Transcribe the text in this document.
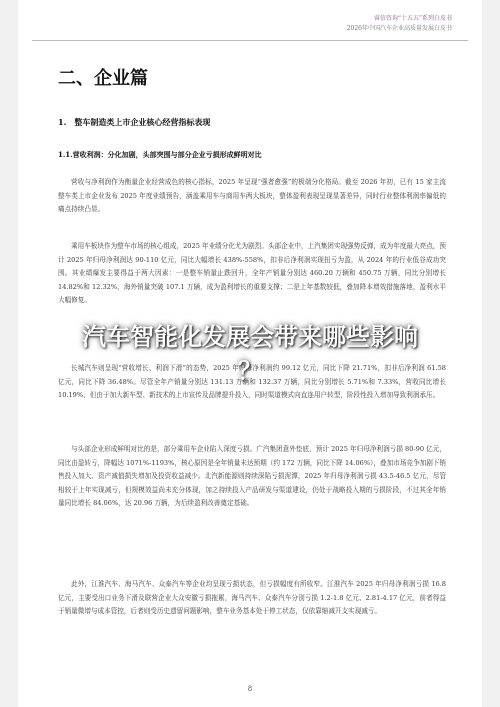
睿信咨询“十五五”系列白皮书
2026年中国汽车企业高质量发展白皮书
二、企业篇
1.　整车制造类上市企业核心经营指标表现
1.1.营收利润：分化加剧，头部突围与部分企业亏损形成鲜明对比

营收与净利润作为衡量企业经营成色的核心指标，2025 年呈现“强者愈强”的极端分化格局。截至 2026 年初，已有 15 家主流整车类上市企业发布 2025 年度业绩预告，涵盖乘用车与商用车两大板块，整体盈利表现呈现显著差异，同时行业整体利润率偏低的痛点持续凸显。

乘用车板块作为整车市场的核心组成，2025 年业绩分化尤为剧烈。头部企业中，上汽集团实现强势反弹，成为年度最大亮点，预计 2025 年归母净利润达 90-110 亿元，同比大幅增长 438%-558%，扣非后净利润实现扭亏为盈，从 2024 年的行业低谷成功突围。其业绩爆发主要得益于两大因素：一是整车销量止跌回升，全年产销量分别达 460.20 万辆和 450.75 万辆，同比分别增长 14.82%和 12.32%，海外销量突破 107.1 万辆，成为盈利增长的重要支撑；二是上年基数较低，叠加降本增效措施落地，盈利水平大幅修复。

长城汽车则呈现“营收增长、利润下滑”的态势，2025 年归母净利润约 99.12 亿元，同比下降 21.71%，扣非后净利润 61.58 亿元，同比下降 36.48%。尽管全年产销量分别达 131.13 万辆和 132.37 万辆，同比分别增长 5.71%和 7.33%，营收同比增长 10.19%，但由于加大新车型、新技术的上市宣传及品牌提升投入，同时渠道模式向直连用户转型，阶段性投入增加导致利润承压。

与头部企业形成鲜明对比的是，部分乘用车企业陷入深度亏损。广汽集团意外垫底，预计 2025 年归母净利润亏损 80-90 亿元，同比由盈转亏，降幅达 1071%-1193%，核心原因是全年销量未达预期（约 172 万辆，同比下降 14.06%），叠加市场竞争加剧下销售投入加大、资产减值损失增加及投资收益减少。北汽新能源则持续深陷亏损泥潭，2025 年归母净利润亏损 43.5-46.5 亿元，尽管相较于上年实现减亏，但规模效益尚未充分体现，加之持续投入产品研发与渠道建设，仍处于战略投入期的亏损阶段，不过其全年销量同比增长 84.06%，达 20.96 万辆，为后续盈利改善奠定基础。

此外，江淮汽车、海马汽车、众泰汽车等企业均呈现亏损状态，但亏损幅度有所收窄。江淮汽车 2025 年归母净利润亏损 16.8 亿元，主要受出口业务下滑及联营企业大众安徽亏损拖累，海马汽车、众泰汽车分别亏损 1.2-1.8 亿元、2.81-4.17 亿元，前者得益于销量微增与成本管控，后者则受历史遗留问题影响，整车业务基本处于停工状态，仅依靠缩减开支实现减亏。

8
汽车智能化发展会带来哪些影响
？
